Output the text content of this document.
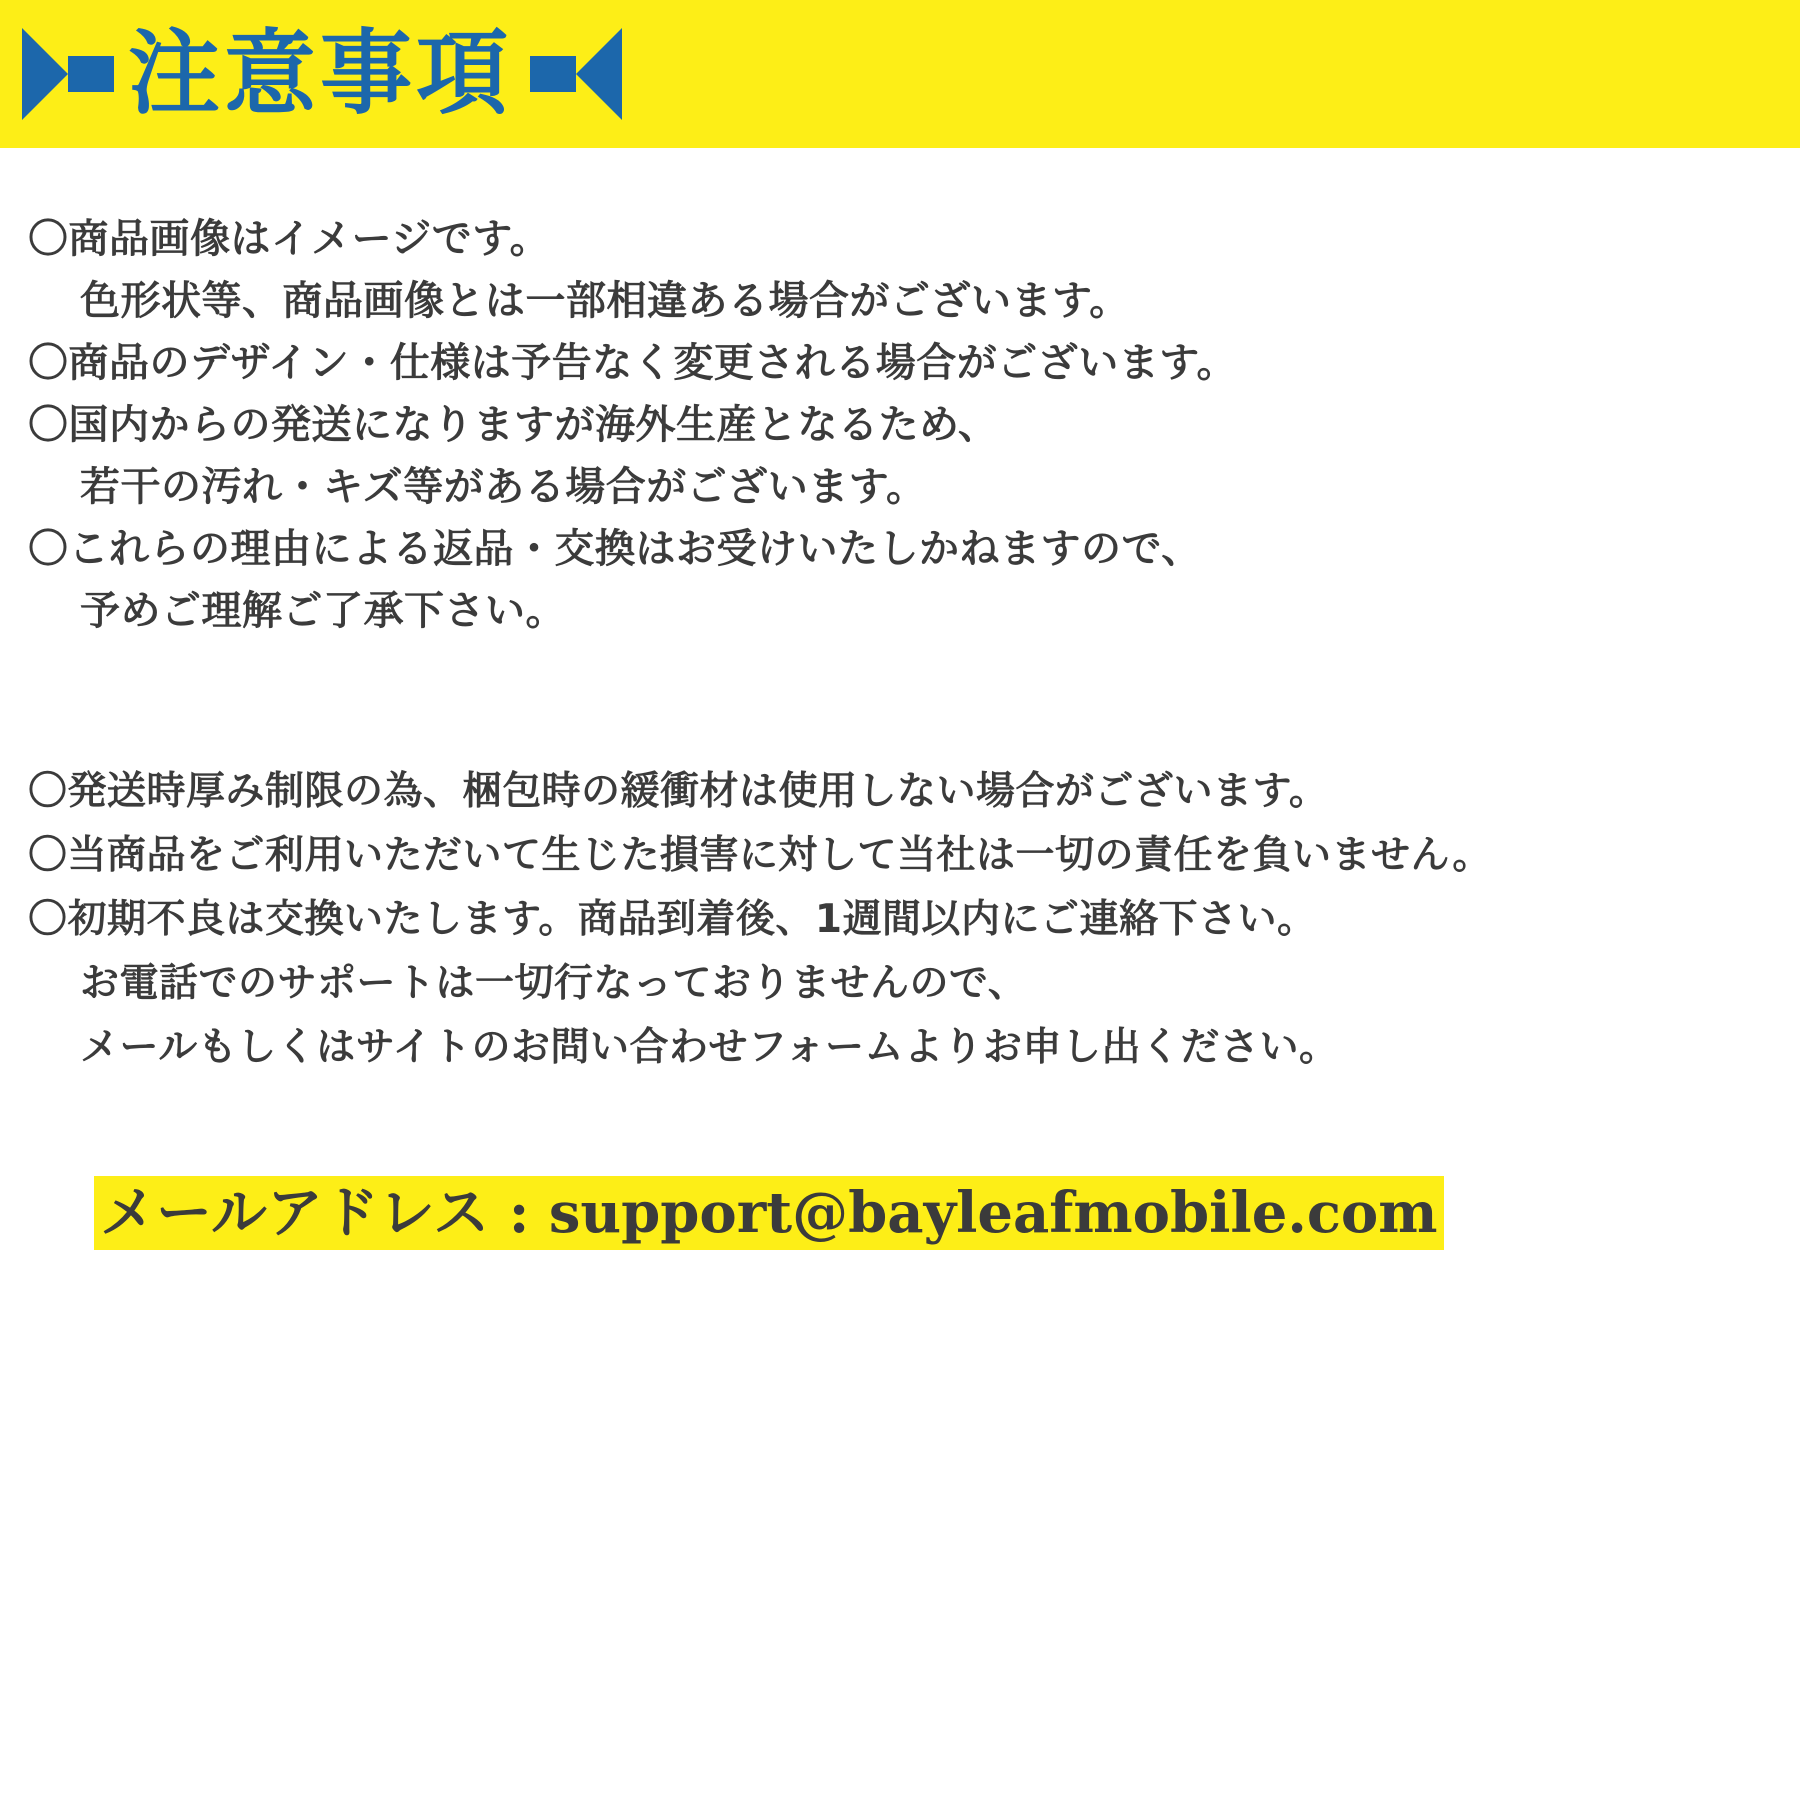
注意事項
〇商品画像はイメージです。
色形状等、商品画像とは一部相違ある場合がございます。
〇商品のデザイン・仕様は予告なく変更される場合がございます。
〇国内からの発送になりますが海外生産となるため、
若干の汚れ・キズ等がある場合がございます。
〇これらの理由による返品・交換はお受けいたしかねますので、
予めご理解ご了承下さい。
〇発送時厚み制限の為、梱包時の緩衝材は使用しない場合がございます。
〇当商品をご利用いただいて生じた損害に対して当社は一切の責任を負いません。
〇初期不良は交換いたします。商品到着後、1週間以内にご連絡下さい。
お電話でのサポートは一切行なっておりませんので、
メールもしくはサイトのお問い合わせフォームよりお申し出ください。
メールアドレス : support@bayleafmobile.com
